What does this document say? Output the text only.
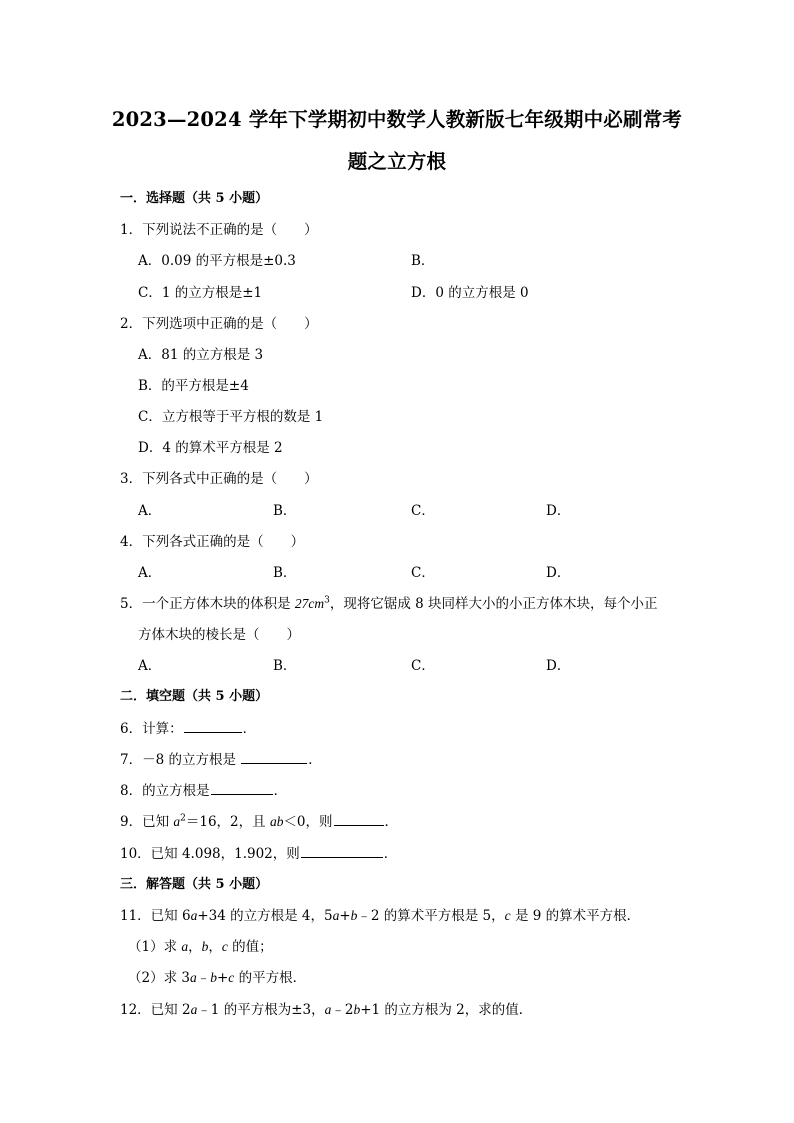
2023—2024 学年下学期初中数学人教新版七年级期中必刷常考
题之立方根
一．选择题（共 5 小题）
1．下列说法不正确的是（　　）
A．0.09 的平方根是±0.3	B．
C．1 的立方根是±1	D．0 的立方根是 0
2．下列选项中正确的是（　　）
A．81 的立方根是 3
B．的平方根是±4
C．立方根等于平方根的数是 1
D．4 的算术平方根是 2
3．下列各式中正确的是（　　）
A．	B．	C．	D．
4．下列各式正确的是（　　）
A．	B．	C．	D．
5．一个正方体木块的体积是 $27cm^3$，现将它锯成 8 块同样大小的小正方体木块，每个小正
方体木块的棱长是（　　）
A．	B．	C．	D．
二．填空题（共 5 小题）
6．计算：	．
7．－8 的立方根是	．
8．的立方根是	．
9．已知 $a^2=16$，2，且 ab＜0，则	．
10．已知 4.098，1.902，则	．
三．解答题（共 5 小题）
11．已知 6a+34 的立方根是 4，5a+b﹣2 的算术平方根是 5，c 是 9 的算术平方根．
（1）求 a，b，c 的值；
（2）求 3a﹣b+c 的平方根．
12．已知 2a﹣1 的平方根为±3，a﹣2b+1 的立方根为 2，求的值．
